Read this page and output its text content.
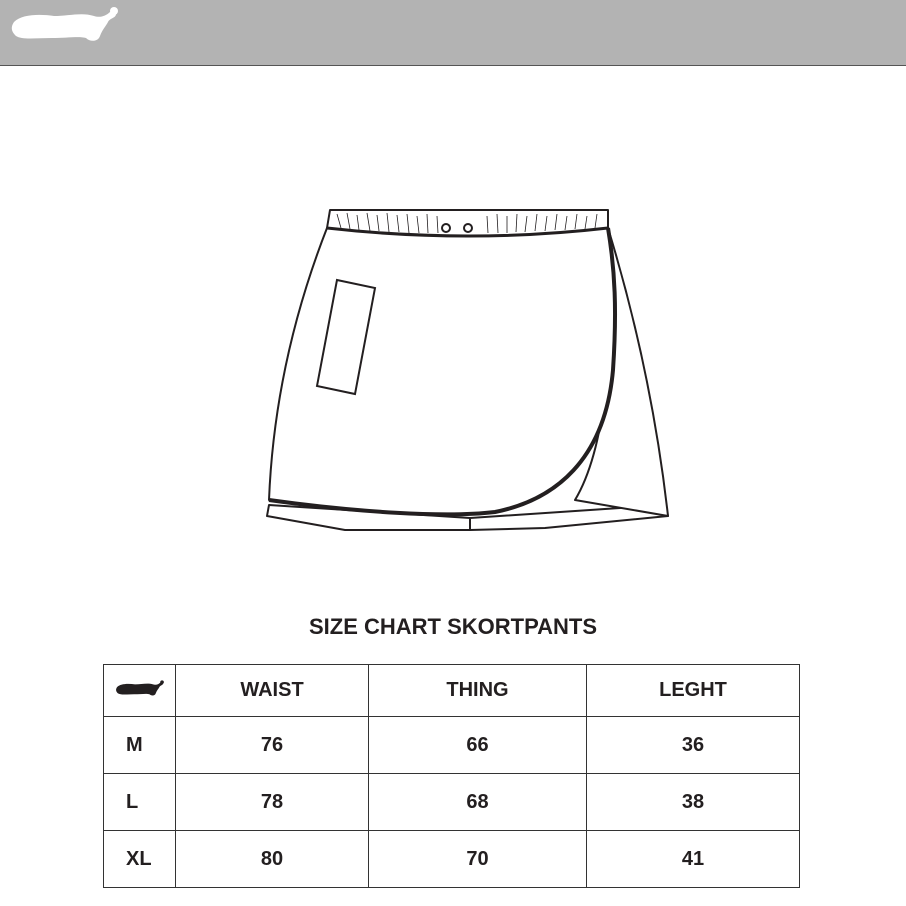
SIZE CHART SKORTPANTS
	WAIST	THING	LEGHT
M	76	66	36
L	78	68	38
XL	80	70	41
